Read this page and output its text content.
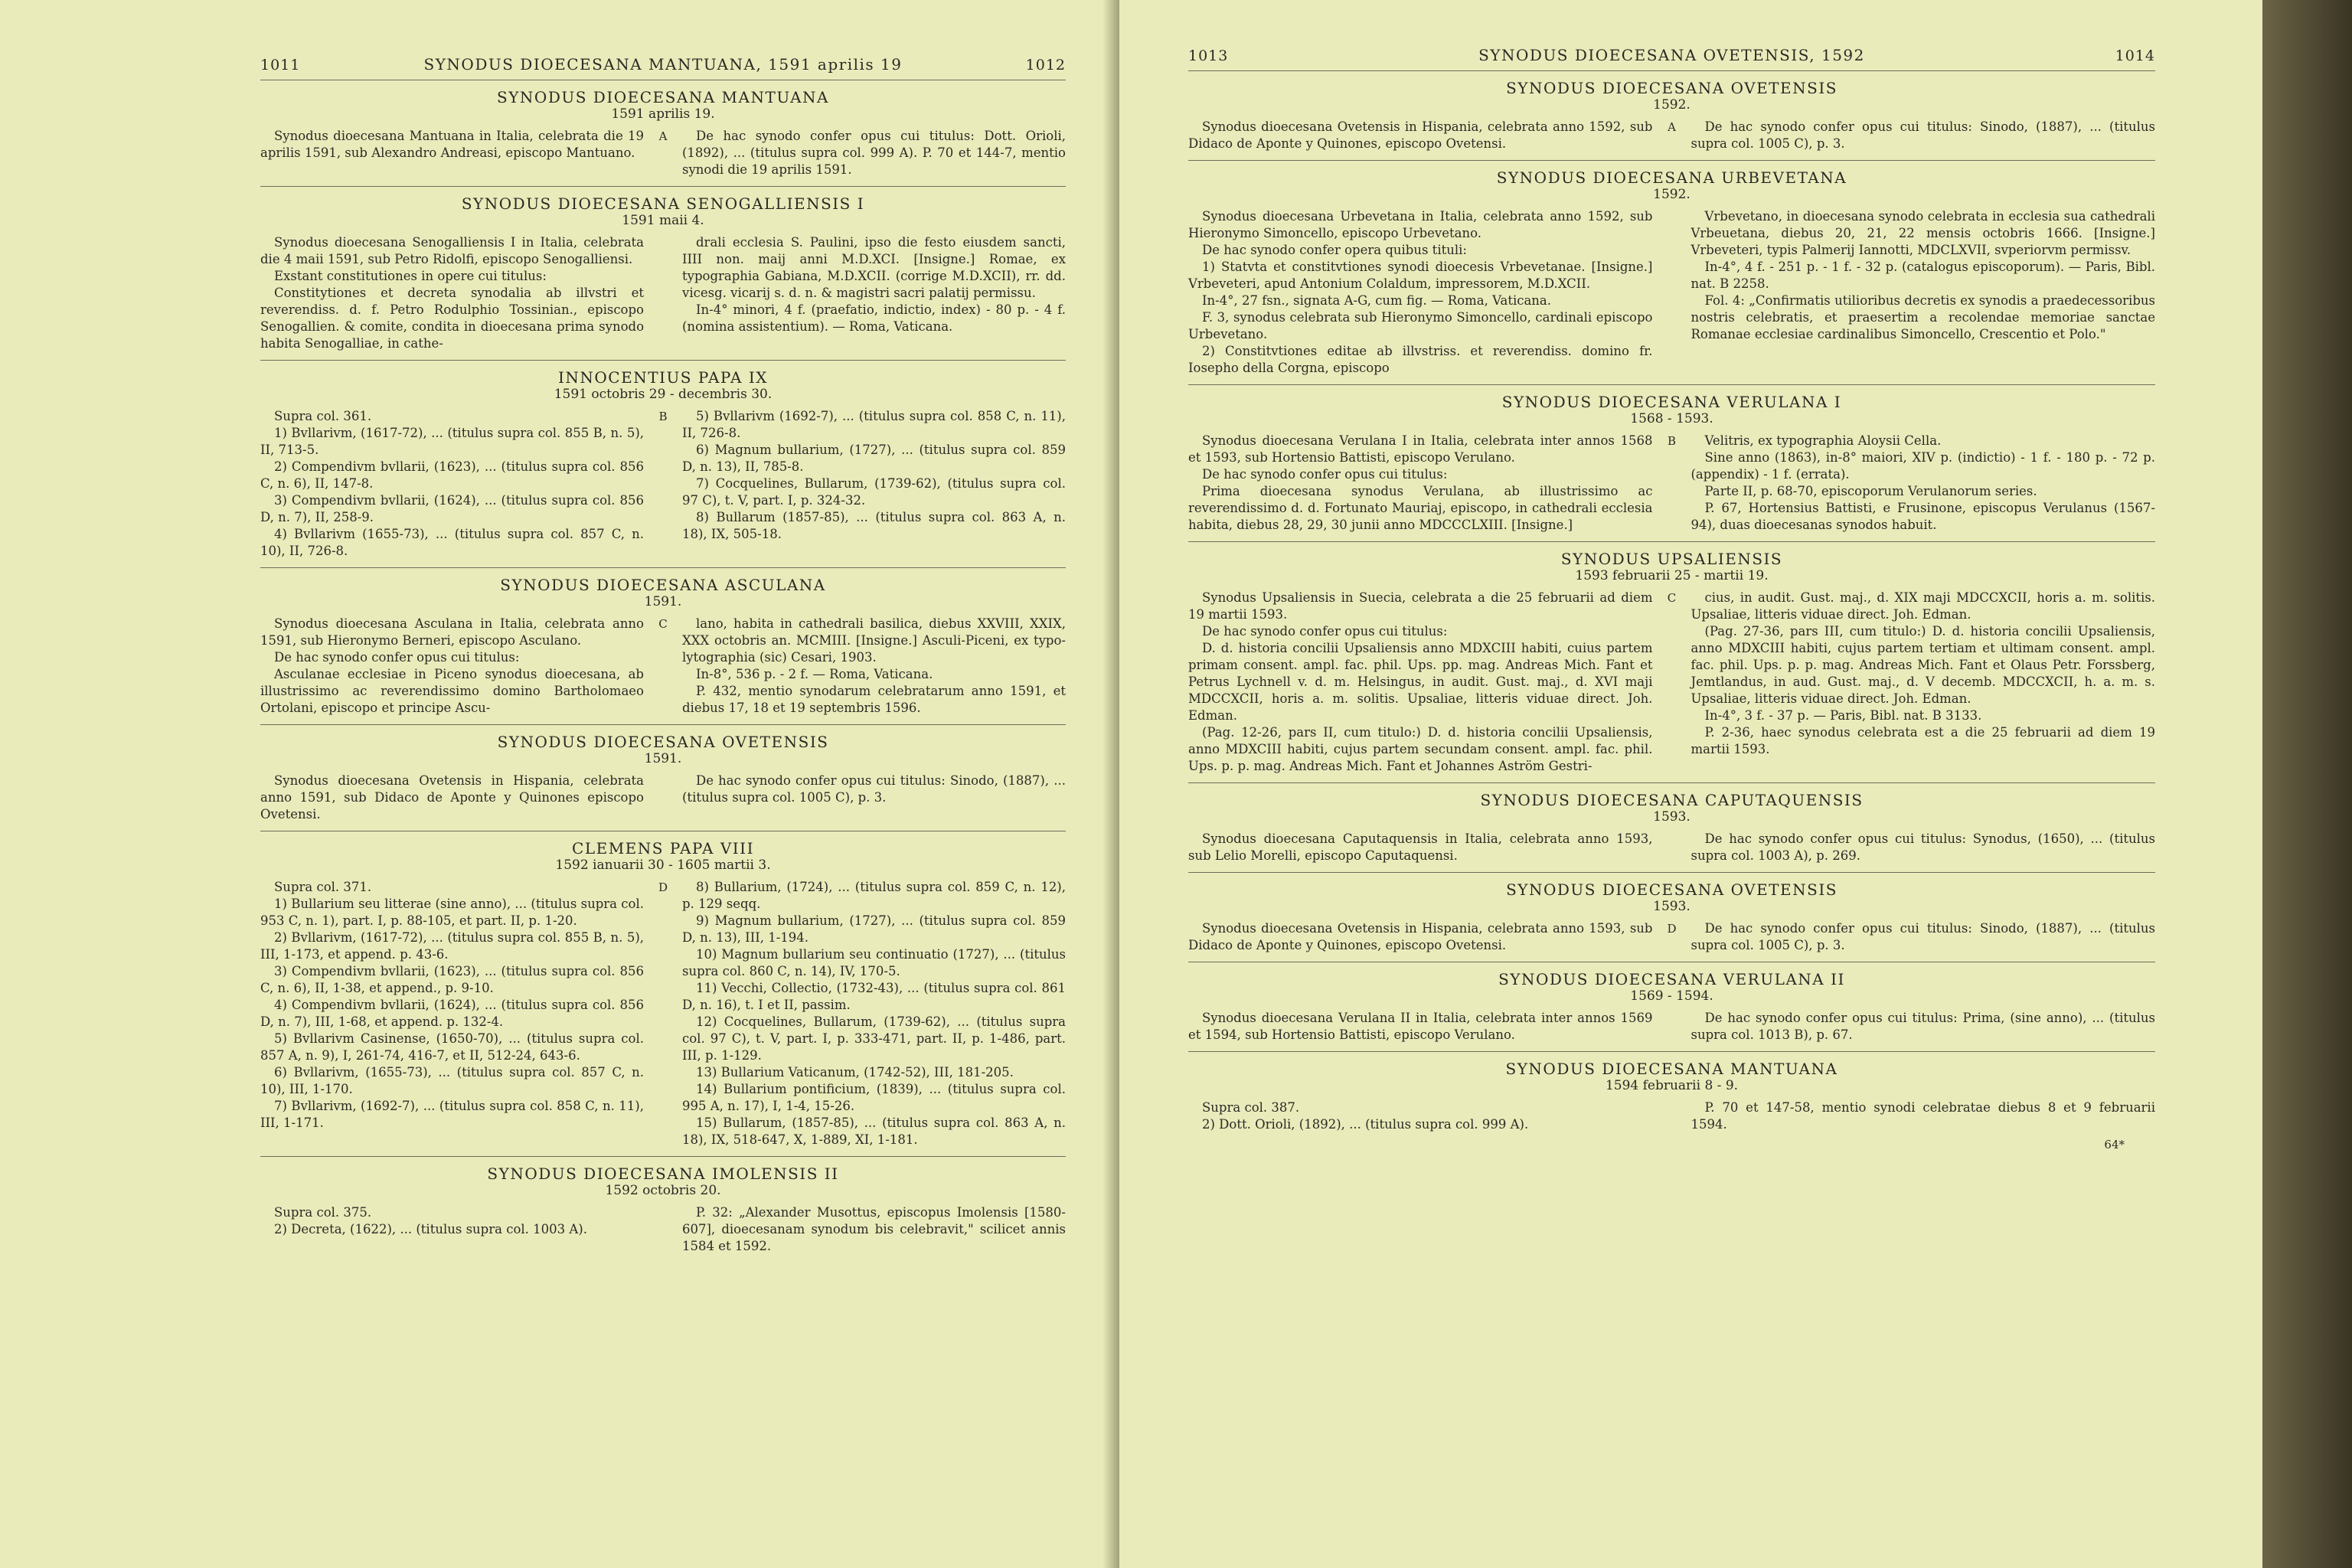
1011	SYNODUS DIOECESANA MANTUANA, 1591 aprilis 19	1012
SYNODUS DIOECESANA MANTUANA
1591 aprilis 19.

Synodus dioecesana Mantuana in Italia, celebrata die 19 aprilis 1591, sub Alexandro Andreasi, episcopo Mantuano.

A	De hac synodo confer opus cui titulus: Dott. Orioli, (1892), ... (titulus supra col. 999 A). P. 70 et 144-7, mentio synodi die 19 aprilis 1591.

SYNODUS DIOECESANA SENOGALLIENSIS I
1591 maii 4.

Synodus dioecesana Senogalliensis I in Italia, celebrata die 4 maii 1591, sub Petro Ridolfi, episcopo Senogalliensi.

Exstant constitutiones in opere cui titulus:

Constitytiones et decreta synodalia ab illvstri et reverendiss. d. f. Petro Rodulphio Tossinian., episcopo Senogallien. & comite, condita in dioecesana prima synodo habita Senogalliae, in cathe-

drali ecclesia S. Paulini, ipso die festo eiusdem sancti, IIII non. maij anni M.D.XCI. [Insigne.] Romae, ex typographia Gabiana, M.D.XCII. (corrige M.D.XCII), rr. dd. vicesg. vicarij s. d. n. & magistri sacri palatij permissu.

In-4° minori, 4 f. (praefatio, indictio, index) - 80 p. - 4 f. (nomina assistentium). — Roma, Vaticana.

INNOCENTIUS PAPA IX
1591 octobris 29 - decembris 30.

Supra col. 361.

1) Bvllarivm, (1617-72), ... (titulus supra col. 855 B, n. 5), II, 713-5.

2) Compendivm bvllarii, (1623), ... (titulus supra col. 856 C, n. 6), II, 147-8.

3) Compendivm bvllarii, (1624), ... (titulus supra col. 856 D, n. 7), II, 258-9.

4) Bvllarivm (1655-73), ... (titulus supra col. 857 C, n. 10), II, 726-8.

B	5) Bvllarivm (1692-7), ... (titulus supra col. 858 C, n. 11), II, 726-8.

6) Magnum bullarium, (1727), ... (titulus supra col. 859 D, n. 13), II, 785-8.

7) Cocquelines, Bullarum, (1739-62), (titulus supra col. 97 C), t. V, part. I, p. 324-32.

8) Bullarum (1857-85), ... (titulus supra col. 863 A, n. 18), IX, 505-18.

SYNODUS DIOECESANA ASCULANA
1591.

Synodus dioecesana Asculana in Italia, celebrata anno 1591, sub Hieronymo Berneri, episcopo Asculano.

De hac synodo confer opus cui titulus:

Asculanae ecclesiae in Piceno synodus dioecesana, ab illustrissimo ac reverendissimo domino Bartholomaeo Ortolani, episcopo et principe Ascu-

C	lano, habita in cathedrali basilica, diebus XXVIII, XXIX, XXX octobris an. MCMIII. [Insigne.] Asculi-Piceni, ex typo-lytographia (sic) Cesari, 1903.

In-8°, 536 p. - 2 f. — Roma, Vaticana.

P. 432, mentio synodarum celebratarum anno 1591, et diebus 17, 18 et 19 septembris 1596.

SYNODUS DIOECESANA OVETENSIS
1591.

Synodus dioecesana Ovetensis in Hispania, celebrata anno 1591, sub Didaco de Aponte y Quinones episcopo Ovetensi.

De hac synodo confer opus cui titulus: Sinodo, (1887), ... (titulus supra col. 1005 C), p. 3.

CLEMENS PAPA VIII
1592 ianuarii 30 - 1605 martii 3.

Supra col. 371.

1) Bullarium seu litterae (sine anno), ... (titulus supra col. 953 C, n. 1), part. I, p. 88-105, et part. II, p. 1-20.

2) Bvllarivm, (1617-72), ... (titulus supra col. 855 B, n. 5), III, 1-173, et append. p. 43-6.

3) Compendivm bvllarii, (1623), ... (titulus supra col. 856 C, n. 6), II, 1-38, et append., p. 9-10.

4) Compendivm bvllarii, (1624), ... (titulus supra col. 856 D, n. 7), III, 1-68, et append. p. 132-4.

5) Bvllarivm Casinense, (1650-70), ... (titulus supra col. 857 A, n. 9), I, 261-74, 416-7, et II, 512-24, 643-6.

6) Bvllarivm, (1655-73), ... (titulus supra col. 857 C, n. 10), III, 1-170.

7) Bvllarivm, (1692-7), ... (titulus supra col. 858 C, n. 11), III, 1-171.

D	8) Bullarium, (1724), ... (titulus supra col. 859 C, n. 12), p. 129 seqq.

9) Magnum bullarium, (1727), ... (titulus supra col. 859 D, n. 13), III, 1-194.

10) Magnum bullarium seu continuatio (1727), ... (titulus supra col. 860 C, n. 14), IV, 170-5.

11) Vecchi, Collectio, (1732-43), ... (titulus supra col. 861 D, n. 16), t. I et II, passim.

12) Cocquelines, Bullarum, (1739-62), ... (titulus supra col. 97 C), t. V, part. I, p. 333-471, part. II, p. 1-486, part. III, p. 1-129.

13) Bullarium Vaticanum, (1742-52), III, 181-205.

14) Bullarium pontificium, (1839), ... (titulus supra col. 995 A, n. 17), I, 1-4, 15-26.

15) Bullarum, (1857-85), ... (titulus supra col. 863 A, n. 18), IX, 518-647, X, 1-889, XI, 1-181.

SYNODUS DIOECESANA IMOLENSIS II
1592 octobris 20.

Supra col. 375.

2) Decreta, (1622), ... (titulus supra col. 1003 A).

P. 32: „Alexander Musottus, episcopus Imolensis [1580-607], dioecesanam synodum bis celebravit," scilicet annis 1584 et 1592.

1013	SYNODUS DIOECESANA OVETENSIS, 1592	1014
SYNODUS DIOECESANA OVETENSIS
1592.

Synodus dioecesana Ovetensis in Hispania, celebrata anno 1592, sub Didaco de Aponte y Quinones, episcopo Ovetensi.

A	De hac synodo confer opus cui titulus: Sinodo, (1887), ... (titulus supra col. 1005 C), p. 3.

SYNODUS DIOECESANA URBEVETANA
1592.

Synodus dioecesana Urbevetana in Italia, celebrata anno 1592, sub Hieronymo Simoncello, episcopo Urbevetano.

De hac synodo confer opera quibus tituli:

1) Statvta et constitvtiones synodi dioecesis Vrbevetanae. [Insigne.] Vrbeveteri, apud Antonium Colaldum, impressorem, M.D.XCII.

In-4°, 27 fsn., signata A-G, cum fig. — Roma, Vaticana.

F. 3, synodus celebrata sub Hieronymo Simoncello, cardinali episcopo Urbevetano.

2) Constitvtiones editae ab illvstriss. et reverendiss. domino fr. Iosepho della Corgna, episcopo

Vrbevetano, in dioecesana synodo celebrata in ecclesia sua cathedrali Vrbeuetana, diebus 20, 21, 22 mensis octobris 1666. [Insigne.] Vrbeveteri, typis Palmerij Iannotti, MDCLXVII, svperiorvm permissv.

In-4°, 4 f. - 251 p. - 1 f. - 32 p. (catalogus episcoporum). — Paris, Bibl. nat. B 2258.

Fol. 4: „Confirmatis utilioribus decretis ex synodis a praedecessoribus nostris celebratis, et praesertim a recolendae memoriae sanctae Romanae ecclesiae cardinalibus Simoncello, Crescentio et Polo."

SYNODUS DIOECESANA VERULANA I
1568 - 1593.

Synodus dioecesana Verulana I in Italia, celebrata inter annos 1568 et 1593, sub Hortensio Battisti, episcopo Verulano.

De hac synodo confer opus cui titulus:

Prima dioecesana synodus Verulana, ab illustrissimo ac reverendissimo d. d. Fortunato Mauriaj, episcopo, in cathedrali ecclesia habita, diebus 28, 29, 30 junii anno MDCCCLXIII. [Insigne.]

B	Velitris, ex typographia Aloysii Cella.

Sine anno (1863), in-8° maiori, XIV p. (indictio) - 1 f. - 180 p. - 72 p. (appendix) - 1 f. (errata).

Parte II, p. 68-70, episcoporum Verulanorum series.

P. 67, Hortensius Battisti, e Frusinone, episcopus Verulanus (1567-94), duas dioecesanas synodos habuit.

SYNODUS UPSALIENSIS
1593 februarii 25 - martii 19.

Synodus Upsaliensis in Suecia, celebrata a die 25 februarii ad diem 19 martii 1593.

De hac synodo confer opus cui titulus:

D. d. historia concilii Upsaliensis anno MDXCIII habiti, cuius partem primam consent. ampl. fac. phil. Ups. pp. mag. Andreas Mich. Fant et Petrus Lychnell v. d. m. Helsingus, in audit. Gust. maj., d. XVI maji MDCCXCII, horis a. m. solitis. Upsaliae, litteris viduae direct. Joh. Edman.

(Pag. 12-26, pars II, cum titulo:) D. d. historia concilii Upsaliensis, anno MDXCIII habiti, cujus partem secundam consent. ampl. fac. phil. Ups. p. p. mag. Andreas Mich. Fant et Johannes Aström Gestri-

C	cius, in audit. Gust. maj., d. XIX maji MDCCXCII, horis a. m. solitis. Upsaliae, litteris viduae direct. Joh. Edman.

(Pag. 27-36, pars III, cum titulo:) D. d. historia concilii Upsaliensis, anno MDXCIII habiti, cujus partem tertiam et ultimam consent. ampl. fac. phil. Ups. p. p. mag. Andreas Mich. Fant et Olaus Petr. Forssberg, Jemtlandus, in aud. Gust. maj., d. V decemb. MDCCXCII, h. a. m. s. Upsaliae, litteris viduae direct. Joh. Edman.

In-4°, 3 f. - 37 p. — Paris, Bibl. nat. B 3133.

P. 2-36, haec synodus celebrata est a die 25 februarii ad diem 19 martii 1593.

SYNODUS DIOECESANA CAPUTAQUENSIS
1593.

Synodus dioecesana Caputaquensis in Italia, celebrata anno 1593, sub Lelio Morelli, episcopo Caputaquensi.

De hac synodo confer opus cui titulus: Synodus, (1650), ... (titulus supra col. 1003 A), p. 269.

SYNODUS DIOECESANA OVETENSIS
1593.

Synodus dioecesana Ovetensis in Hispania, celebrata anno 1593, sub Didaco de Aponte y Quinones, episcopo Ovetensi.

D	De hac synodo confer opus cui titulus: Sinodo, (1887), ... (titulus supra col. 1005 C), p. 3.

SYNODUS DIOECESANA VERULANA II
1569 - 1594.

Synodus dioecesana Verulana II in Italia, celebrata inter annos 1569 et 1594, sub Hortensio Battisti, episcopo Verulano.

De hac synodo confer opus cui titulus: Prima, (sine anno), ... (titulus supra col. 1013 B), p. 67.

SYNODUS DIOECESANA MANTUANA
1594 februarii 8 - 9.

Supra col. 387.

2) Dott. Orioli, (1892), ... (titulus supra col. 999 A).

P. 70 et 147-58, mentio synodi celebratae diebus 8 et 9 februarii 1594.

64*
